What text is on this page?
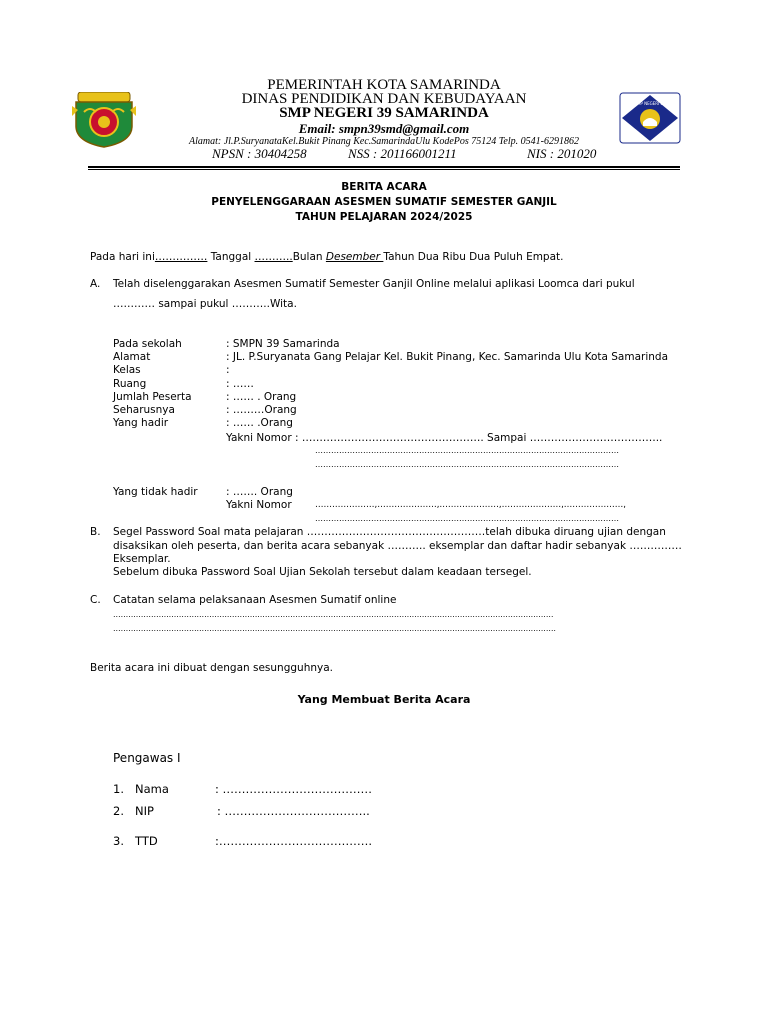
SMP NEGERI 39
PEMERINTAH KOTA SAMARINDA
DINAS PENDIDIKAN DAN KEBUDAYAAN
SMP NEGERI 39 SAMARINDA
Email: smpn39smd@gmail.com
Alamat: Jl.P.SuryanataKel.Bukit Pinang Kec.SamarindaUlu KodePos 75124 Telp. 0541-6291862
NPSN : 30404258	NSS : 201166001211	NIS : 201020
BERITA ACARA
PENYELENGGARAAN ASESMEN SUMATIF SEMESTER GANJIL
TAHUN PELAJARAN 2024/2025
Pada hari ini…………… Tanggal ………..Bulan Desember Tahun Dua Ribu Dua Puluh Empat.
A. Telah diselenggarakan Asesmen Sumatif Semester Ganjil Online melalui aplikasi Loomca dari pukul
………… sampai pukul ………..Wita.
Pada sekolah	: SMPN 39 Samarinda
Alamat	: JL. P.Suryanata Gang Pelajar Kel. Bukit Pinang, Kec. Samarinda Ulu Kota Samarinda
Kelas	:
Ruang	: ……
Jumlah Peserta	: …… . Orang
Seharusnya	: ………Orang
Yang hadir	: …… .Orang
Yakni Nomor : ……………………………………………. Sampai ………………………………..
……………………………………………………………………………………………………
……………………………………………………………………………………………………
Yang tidak hadir	: ……. Orang
Yakni Nomor	…………………,…………………,…………………,…………………,…………………,
……………………………………………………………………………………………………
B. Segel Password Soal mata pelajaran ……………………………………………telah dibuka diruang ujian dengan
disaksikan oleh peserta, dan berita acara sebanyak ……….. eksemplar dan daftar hadir sebanyak ……………
Eksemplar.
Sebelum dibuka Password Soal Ujian Sekolah tersebut dalam keadaan tersegel.
C. Catatan selama pelaksanaan Asesmen Sumatif online
…………………………………………………………………………………………………………………………………………………………
………………………………………………………………………………………………………………………………………………………….
Berita acara ini dibuat dengan sesungguhnya.
Yang Membuat Berita Acara
Pengawas I
1. Nama	: …………………………………
2. NIP	: ………………………………..
3. TTD	:………………………………….
